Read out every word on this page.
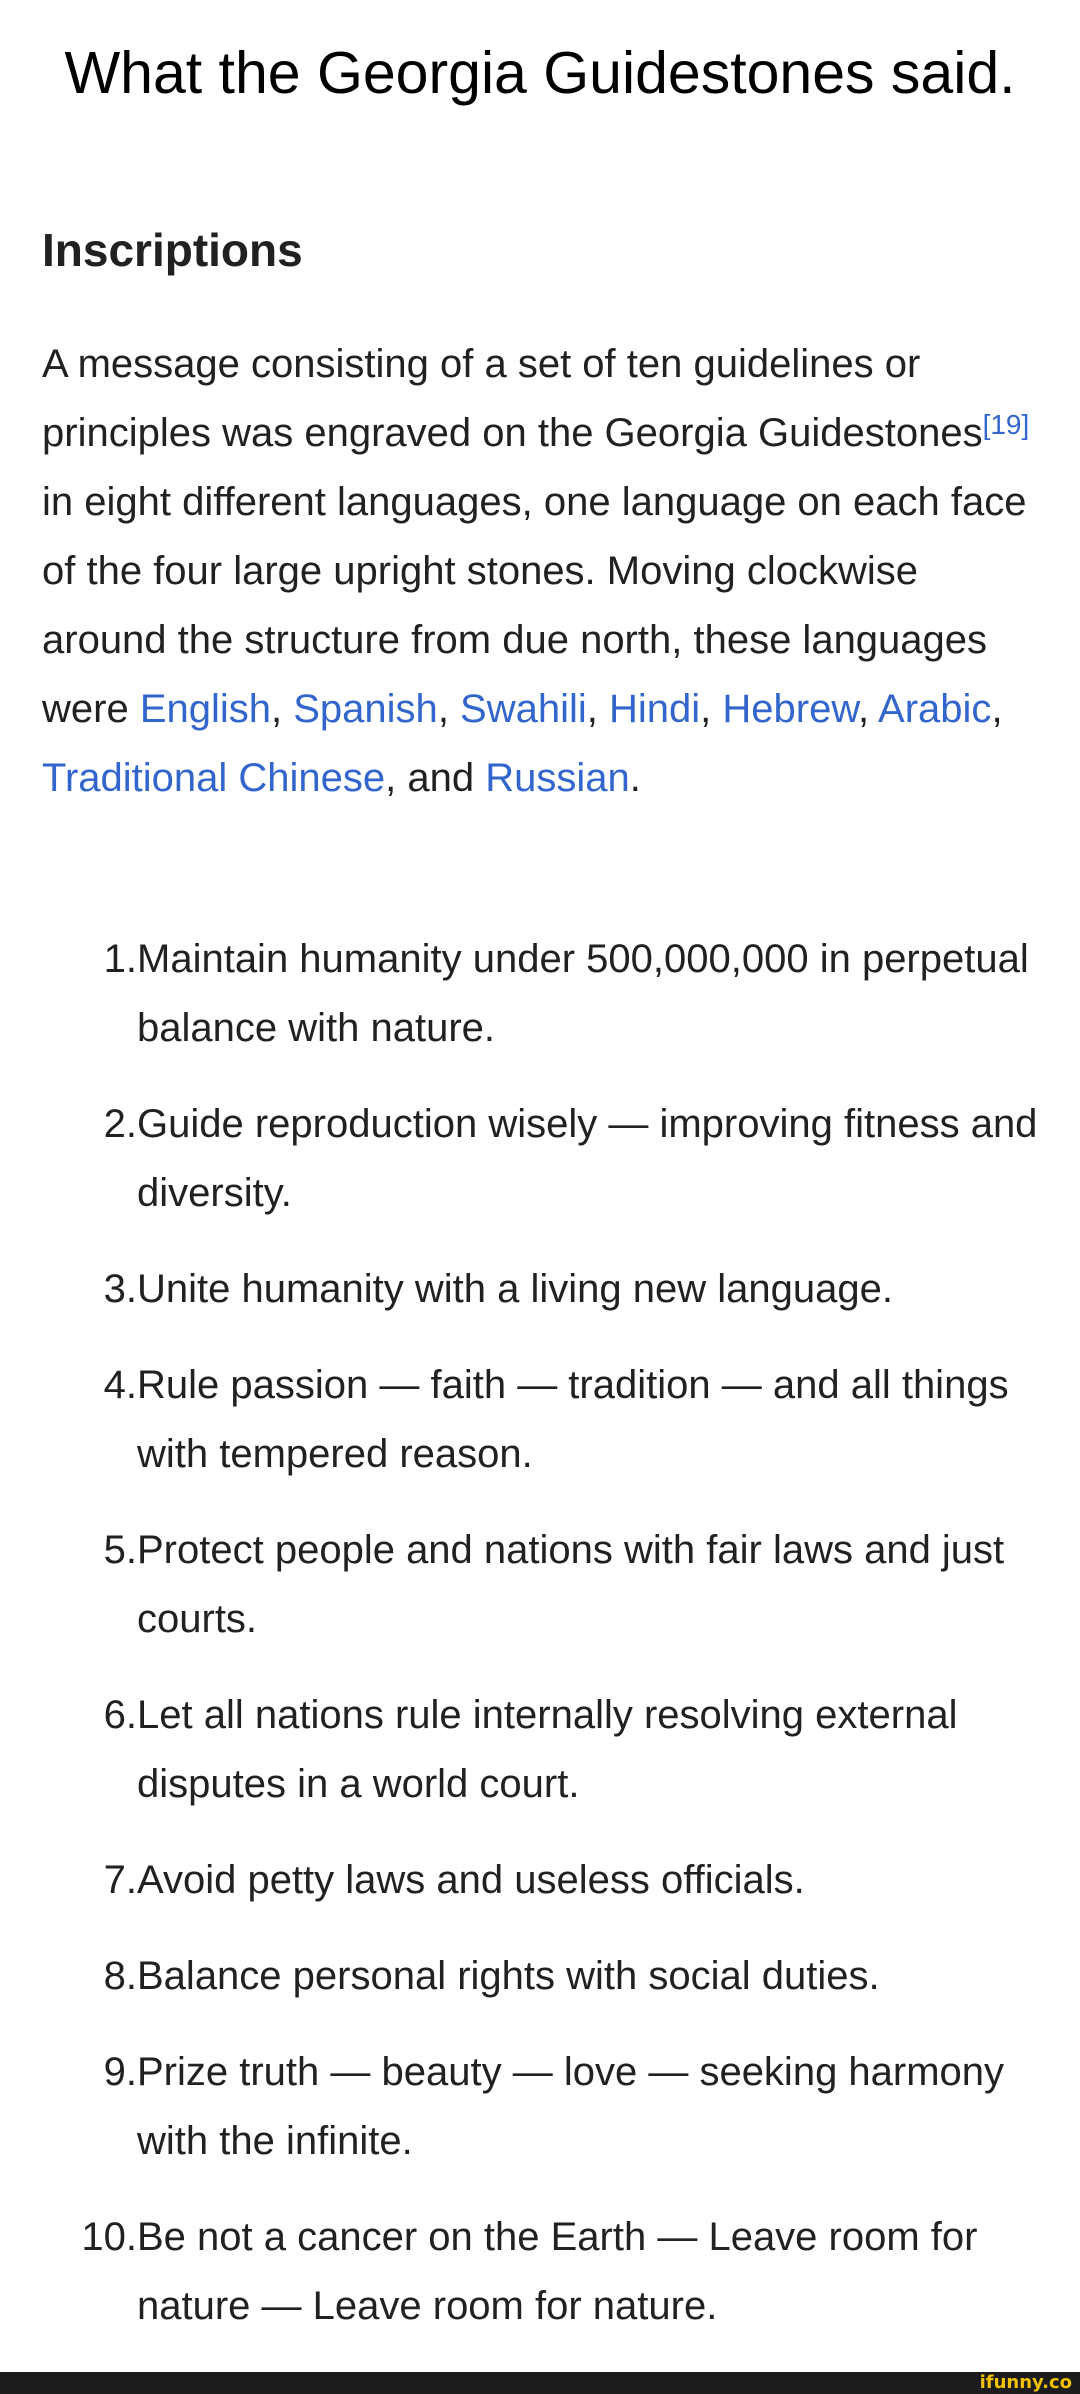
What the Georgia Guidestones said.
Inscriptions

A message consisting of a set of ten guidelines or principles was engraved on the Georgia Guidestones[19] in eight different languages, one language on each face of the four large upright stones. Moving clockwise around the structure from due north, these languages were English, Spanish, Swahili, Hindi, Hebrew, Arabic, Traditional Chinese, and Russian.

1. Maintain humanity under 500,000,000 in perpetual balance with nature.
2. Guide reproduction wisely — improving fitness and diversity.
3. Unite humanity with a living new language.
4. Rule passion — faith — tradition — and all things with tempered reason.
5. Protect people and nations with fair laws and just courts.
6. Let all nations rule internally resolving external disputes in a world court.
7. Avoid petty laws and useless officials.
8. Balance personal rights with social duties.
9. Prize truth — beauty — love — seeking harmony with the infinite.
10. Be not a cancer on the Earth — Leave room for nature — Leave room for nature.
ifunny.co
